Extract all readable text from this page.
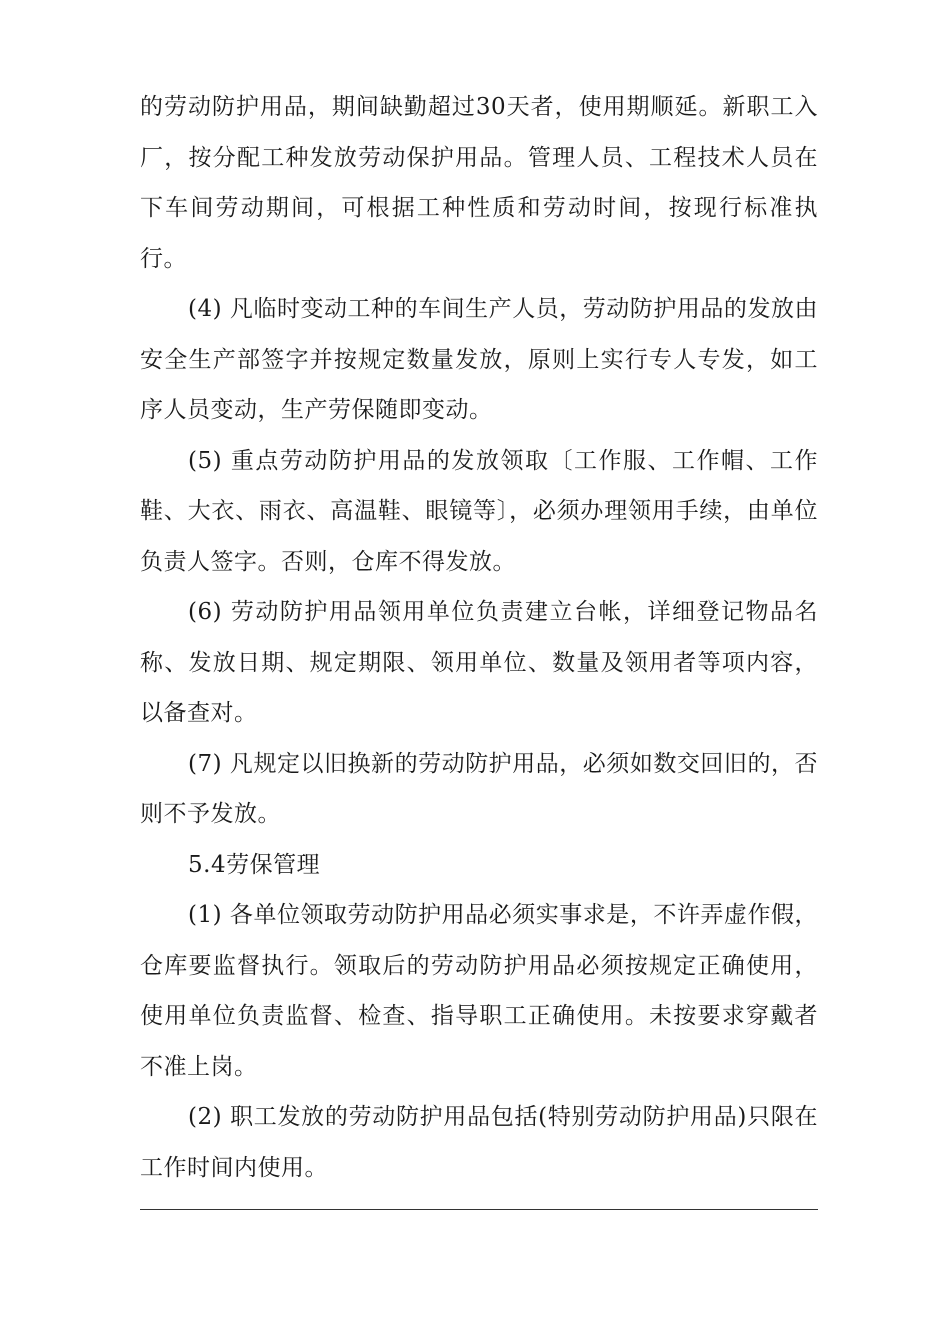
的劳动防护用品，期间缺勤超过30天者，使用期顺延。新职工入厂，按分配工种发放劳动保护用品。管理人员、工程技术人员在下车间劳动期间，可根据工种性质和劳动时间，按现行标准执行。

(4) 凡临时变动工种的车间生产人员，劳动防护用品的发放由安全生产部签字并按规定数量发放，原则上实行专人专发，如工序人员变动，生产劳保随即变动。

(5) 重点劳动防护用品的发放领取〔工作服、工作帽、工作鞋、大衣、雨衣、高温鞋、眼镜等〕，必须办理领用手续，由单位负责人签字。否则，仓库不得发放。

(6) 劳动防护用品领用单位负责建立台帐，详细登记物品名称、发放日期、规定期限、领用单位、数量及领用者等项内容，以备查对。

(7) 凡规定以旧换新的劳动防护用品，必须如数交回旧的，否则不予发放。

5.4劳保管理

(1) 各单位领取劳动防护用品必须实事求是，不许弄虚作假，仓库要监督执行。领取后的劳动防护用品必须按规定正确使用，使用单位负责监督、检查、指导职工正确使用。未按要求穿戴者不准上岗。

(2) 职工发放的劳动防护用品包括(特别劳动防护用品)只限在工作时间内使用。
